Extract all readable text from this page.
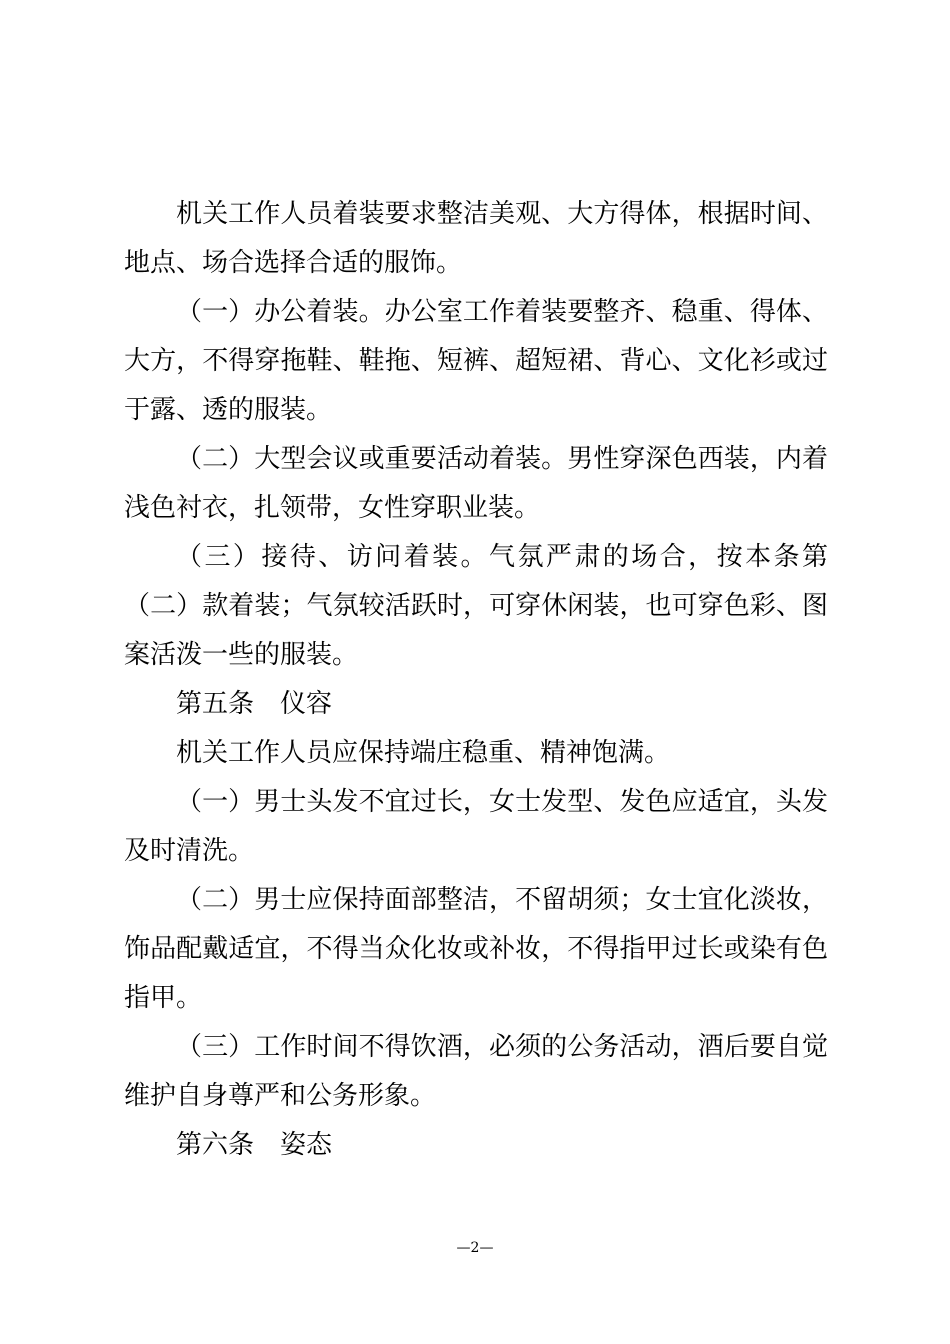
机关工作人员着装要求整洁美观、大方得体，根据时间、地点、场合选择合适的服饰。

（一）办公着装。办公室工作着装要整齐、稳重、得体、大方，不得穿拖鞋、鞋拖、短裤、超短裙、背心、文化衫或过于露、透的服装。

（二）大型会议或重要活动着装。男性穿深色西装，内着浅色衬衣，扎领带，女性穿职业装。

（三）接待、访问着装。气氛严肃的场合，按本条第（二）款着装；气氛较活跃时，可穿休闲装，也可穿色彩、图案活泼一些的服装。

第五条　仪容

机关工作人员应保持端庄稳重、精神饱满。

（一）男士头发不宜过长，女士发型、发色应适宜，头发及时清洗。

（二）男士应保持面部整洁，不留胡须；女士宜化淡妆，饰品配戴适宜，不得当众化妆或补妆，不得指甲过长或染有色指甲。

（三）工作时间不得饮酒，必须的公务活动，酒后要自觉维护自身尊严和公务形象。

第六条　姿态

—2—
